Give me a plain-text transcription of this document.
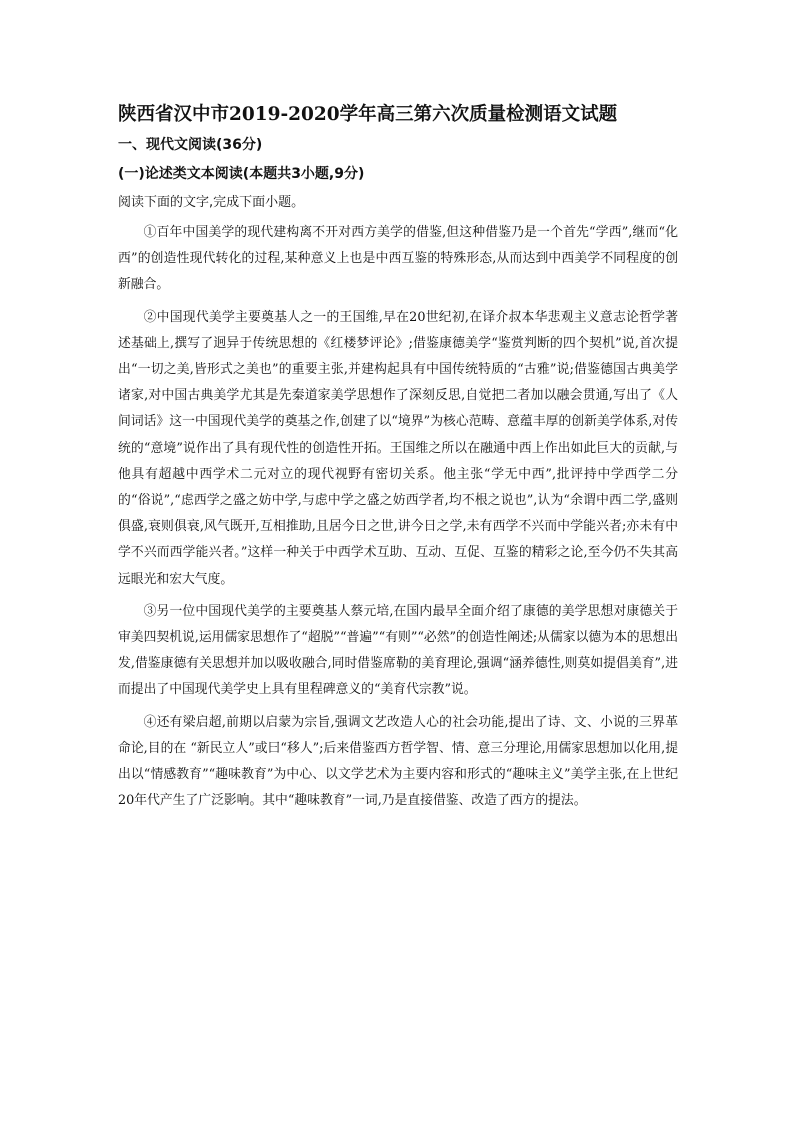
陕西省汉中市2019-2020学年高三第六次质量检测语文试题
一、现代文阅读(36分)
(一)论述类文本阅读(本题共3小题,9分)
阅读下面的文字,完成下面小题。

①百年中国美学的现代建构离不开对西方美学的借鉴,但这种借鉴乃是一个首先“学西”,继而“化西”的创造性现代转化的过程,某种意义上也是中西互鉴的特殊形态,从而达到中西美学不同程度的创新融合。

②中国现代美学主要奠基人之一的王国维,早在20世纪初,在译介叔本华悲观主义意志论哲学著述基础上,撰写了迥异于传统思想的《红楼梦评论》;借鉴康德美学“鉴赏判断的四个契机”说,首次提出“一切之美,皆形式之美也”的重要主张,并建构起具有中国传统特质的“古雅”说;借鉴德国古典美学诸家,对中国古典美学尤其是先秦道家美学思想作了深刻反思,自觉把二者加以融会贯通,写出了《人间词话》这一中国现代美学的奠基之作,创建了以“境界”为核心范畴、意蕴丰厚的创新美学体系,对传统的“意境”说作出了具有现代性的创造性开拓。王国维之所以在融通中西上作出如此巨大的贡献,与他具有超越中西学术二元对立的现代视野有密切关系。他主张“学无中西”,批评持中学西学二分的“俗说”,“虑西学之盛之妨中学,与虑中学之盛之妨西学者,均不根之说也”,认为“余谓中西二学,盛则俱盛,衰则俱衰,风气既开,互相推助,且居今日之世,讲今日之学,未有西学不兴而中学能兴者;亦未有中学不兴而西学能兴者。”这样一种关于中西学术互助、互动、互促、互鉴的精彩之论,至今仍不失其高远眼光和宏大气度。

③另一位中国现代美学的主要奠基人蔡元培,在国内最早全面介绍了康德的美学思想对康德关于审美四契机说,运用儒家思想作了“超脱”“普遍”“有则”“必然”的创造性阐述;从儒家以德为本的思想出发,借鉴康德有关思想并加以吸收融合,同时借鉴席勒的美育理论,强调“涵养德性,则莫如提倡美育”,进而提出了中国现代美学史上具有里程碑意义的“美育代宗教”说。

④还有梁启超,前期以启蒙为宗旨,强调文艺改造人心的社会功能,提出了诗、文、小说的三界革命论,目的在 “新民立人”或曰“移人”;后来借鉴西方哲学智、情、意三分理论,用儒家思想加以化用,提出以“情感教育”“趣味教育”为中心、以文学艺术为主要内容和形式的“趣味主义”美学主张,在上世纪20年代产生了广泛影响。其中“趣味教育”一词,乃是直接借鉴、改造了西方的提法。
